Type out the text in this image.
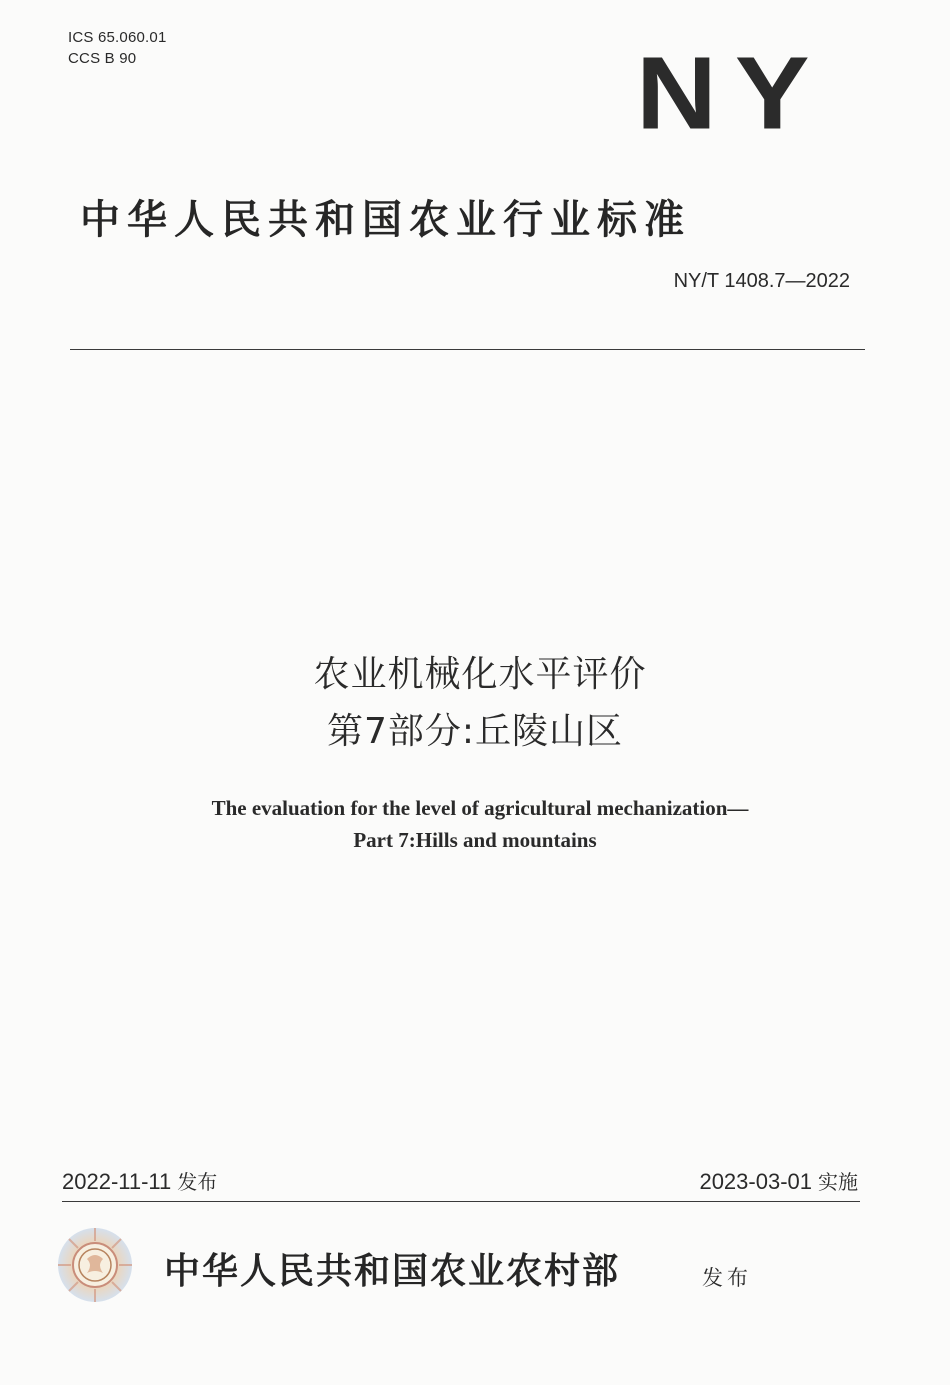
ICS 65.060.01
CCS B 90	NY
中华人民共和国农业行业标准
NY/T 1408.7—2022
农业机械化水平评价
第7部分:丘陵山区
The evaluation for the level of agricultural mechanization—
Part 7:Hills and mountains
2022-11-11 发布	2023-03-01 实施
中华人民共和国农业农村部	发布
